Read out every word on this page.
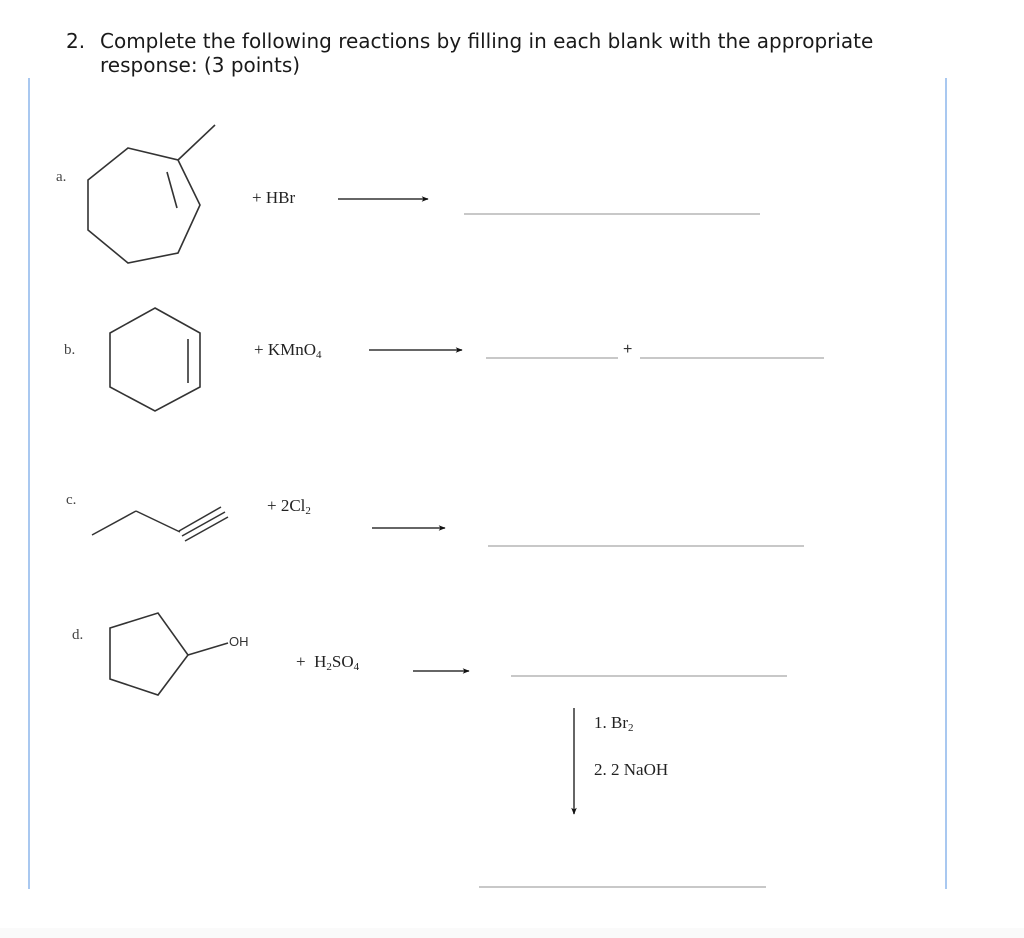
2. Complete the following reactions by filling in each blank with the appropriate response: (3 points)
a.
b.
c.
d.
+ HBr
+ KMnO$_4$
+ $2Cl_2$
+  $H_2SO_4$
OH
1. $Br_2$
2. 2 NaOH
+
